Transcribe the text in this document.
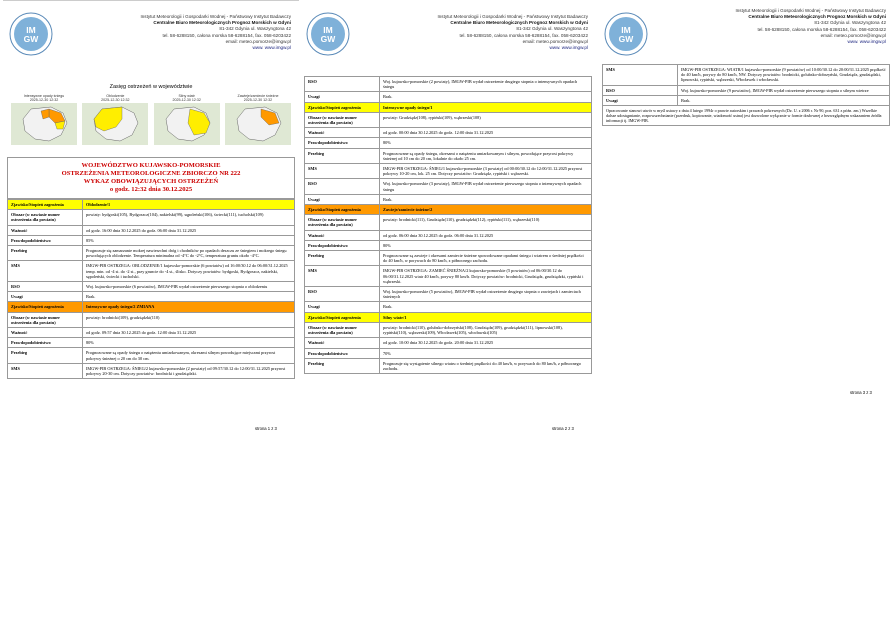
IM
GW
Instytut Meteorologii i Gospodarki Wodnej - Państwowy Instytut Badawczy
Centralne Biuro Meteorologicznych Prognoz Morskich w Gdyni
81-342 Gdynia ul. Waszyngtona 42
tel. 58-6288150, całona morska 58-6288154, fax. 058-6203422
email: meteo.pomorze@imgw.pl
www. www.imgw.pl
Zasięg ostrzeżeń w województwie
Intensywne opady śniegu
2025-12-30 12:32
Oblodzenie
2025-12-30 12:32
Silny wiatr
2025-12-30 12:32
Zawieje/zamiecie śnieżne
2025-12-30 12:32
WOJEWÓDZTWO KUJAWSKO-POMORSKIE
OSTRZEŻENIA METEOROLOGICZNE ZBIORCZO NR 222
WYKAZ OBOWIĄZUJĄCYCH OSTRZEŻEŃ
o godz. 12:32 dnia 30.12.2025
Zjawisko/Stopień zagrożenia	Oblodzenie/1
Obszar (w nawiasie numer ostrzeżenia dla powiatu)	powiaty: bydgoski(105), Bydgoszcz(104), nakielski(99), sępoleński(106), świecki(111), tucholski(109)
Ważność	od godz. 16:00 dnia 30.12.2025 do godz. 06:00 dnia 31.12.2025
Prawdopodobieństwo	85%
Przebieg	Prognozuje się zamarzanie mokrej nawierzchni dróg i chodników po opadach deszczu ze śniegiem i mokrego śniegu powodujących oblodzenie. Temperatura minimalna od -4°C do -2°C, temperatura gruntu około -4°C.
SMS	IMGW-PIB OSTRZEGA: OBLODZENIE/1 kujawsko-pomorskie (6 powiatów) od 16:00/30.12 do 06:00/31.12.2025 temp. min. od -4 st. do -2 st., przy gruncie do -4 st., ślisko. Dotyczy powiatów: bydgoski, Bydgoszcz, nakielski, sępoleński, świecki i tucholski.
RSO	Woj. kujawsko-pomorskie (6 powiatów), IMGW-PIB wydał ostrzeżenie pierwszego stopnia o oblodzeniu
Uwagi	Brak.
Zjawisko/Stopień zagrożenia	Intensywne opady śniegu/2 ZMIANA
Obszar (w nawiasie numer ostrzeżenia dla powiatu)	powiaty: brodnicki(109), grudziądzki(110)
Ważność	od godz. 09:57 dnia 30.12.2025 do godz. 12:00 dnia 31.12.2025
Prawdopodobieństwo	80%
Przebieg	Prognozowane są opady śniegu o natężeniu umiarkowanym, okresami silnym powodujące miejscami przyrost pokrywy śnieżnej o 20 cm do 30 cm.
SMS	IMGW-PIB OSTRZEGA: ŚNIEG/2 kujawsko-pomorskie (2 powiaty) od 09:57/30.12 do 12:00/31.12.2025 przyrost pokrywy 20-30 cm. Dotyczy powiatów: brodnicki i grudziądzki.
strona 1 z 3
IM
GW
Instytut Meteorologii i Gospodarki Wodnej - Państwowy Instytut Badawczy
Centralne Biuro Meteorologicznych Prognoz Morskich w Gdyni
81-342 Gdynia ul. Waszyngtona 42
tel. 58-6288150, całona morska 58-6288154, fax. 058-6203422
email: meteo.pomorze@imgw.pl
www. www.imgw.pl
RSO	Woj. kujawsko-pomorskie (2 powiaty), IMGW-PIB wydał ostrzeżenie drugiego stopnia o intensywnych opadach śniegu
Uwagi	Brak.
Zjawisko/Stopień zagrożenia	Intensywne opady śniegu/1
Obszar (w nawiasie numer ostrzeżenia dla powiatu)	powiaty: Grudziądz(108), rypiński(109), wąbrzeski(108)
Ważność	od godz. 00:00 dnia 30.12.2025 do godz. 12:00 dnia 31.12.2025
Prawdopodobieństwo	80%
Przebieg	Prognozowane są opady śniegu, okresami o natężeniu umiarkowanym i silnym, powodujące przyrost pokrywy śnieżnej od 10 cm do 20 cm, lokalnie do około 25 cm.
SMS	IMGW-PIB OSTRZEGA: ŚNIEG/1 kujawsko-pomorskie (3 powiaty) od 00:00/30.12 do 12:00/31.12.2025 przyrost pokrywy 10-20 cm, lok. 25 cm. Dotyczy powiatów: Grudziądz, rypiński i wąbrzeski.
RSO	Woj. kujawsko-pomorskie (3 powiaty), IMGW-PIB wydał ostrzeżenie pierwszego stopnia o intensywnych opadach śniegu
Uwagi	Brak.
Zjawisko/Stopień zagrożenia	Zawieje/zamiecie śnieżne/2
Obszar (w nawiasie numer ostrzeżenia dla powiatu)	powiaty: brodnicki(111), Grudziądz(110), grudziądzki(112), rypiński(111), wąbrzeski(110)
Ważność	od godz. 06:00 dnia 30.12.2025 do godz. 06:00 dnia 31.12.2025
Prawdopodobieństwo	80%
Przebieg	Prognozowane są zawieje i okresami zamiecie śnieżne spowodowane opadami śniegu i wiatrem o średniej prędkości do 40 km/h, w porywach do 80 km/h, z północnego zachodu.
SMS	IMGW-PIB OSTRZEGA: ZAMIEĆ ŚNIEŻNA/2 kujawsko-pomorskie (5 powiatów) od 06:00/30.12 do 06:00/31.12.2025 wiatr 40 km/h, porywy 80 km/h. Dotyczy powiatów: brodnicki, Grudziądz, grudziądzki, rypiński i wąbrzeski.
RSO	Woj. kujawsko-pomorskie (5 powiatów), IMGW-PIB wydał ostrzeżenie drugiego stopnia o zawiejach i zamieciach śnieżnych
Uwagi	Brak.
Zjawisko/Stopień zagrożenia	Silny wiatr/1
Obszar (w nawiasie numer ostrzeżenia dla powiatu)	powiaty: brodnicki(110), golubsko-dobrzyński(108), Grudziądz(109), grudziądzki(111), lipnowski(108), rypiński(110), wąbrzeski(109), Włocławek(105), włocławski(105)
Ważność	od godz. 10:00 dnia 30.12.2025 do godz. 20:00 dnia 31.12.2025
Prawdopodobieństwo	70%
Przebieg	Prognozuje się wystąpienie silnego wiatru o średniej prędkości do 40 km/h, w porywach do 80 km/h, z północnego zachodu.
strona 2 z 3
IM
GW
Instytut Meteorologii i Gospodarki Wodnej - Państwowy Instytut Badawczy
Centralne Biuro Meteorologicznych Prognoz Morskich w Gdyni
81-342 Gdynia ul. Waszyngtona 42
tel. 58-6288150, całona morska 58-6288154, fax. 058-6203422
email: meteo.pomorze@imgw.pl
www. www.imgw.pl
SMS	IMGW-PIB OSTRZEGA: WIATR/1 kujawsko-pomorskie (9 powiatów) od 10:00/30.12 do 20:00/31.12.2025 prędkość do 40 km/h, porywy do 80 km/h, NW. Dotyczy powiatów: brodnicki, golubsko-dobrzyński, Grudziądz, grudziądzki, lipnowski, rypiński, wąbrzeski, Włocławek i włocławski.
RSO	Woj. kujawsko-pomorskie (9 powiatów), IMGW-PIB wydał ostrzeżenie pierwszego stopnia o silnym wietrze
Uwagi	Brak.
Opracowanie stanowi utwór w myśl ustawy z dnia 4 lutego 1994r o prawie autorskim i prawach pokrewnych (Dz. U. z 2006 r. Nr 90, poz. 631 z późn. zm.) Wszelkie dalsze udostępnianie, rozpowszechnianie (przedruk, kopiowanie, wiadomość ustna) jest dozwolone wyłącznie w formie dosłownej z bezwzględnym wskazaniem źródła informacji tj. IMGW-PIB.	
strona 3 z 3
